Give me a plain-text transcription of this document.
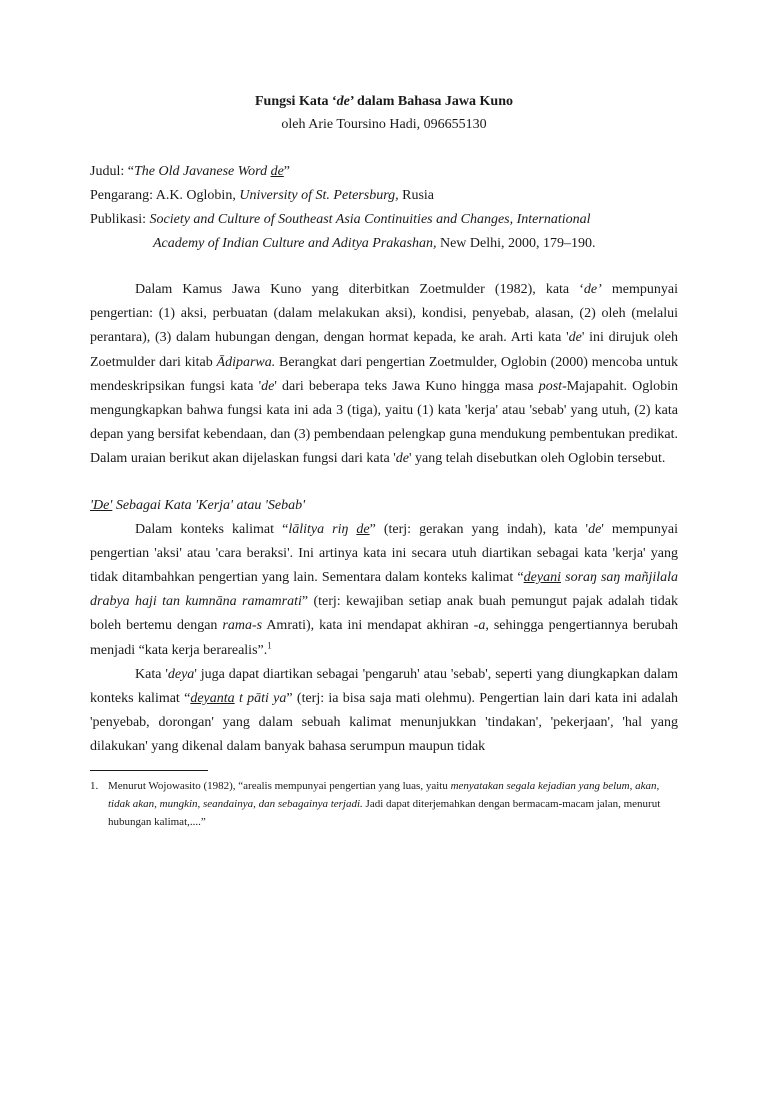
Fungsi Kata ‘de’ dalam Bahasa Jawa Kuno
oleh Arie Toursino Hadi, 096655130
Judul: “The Old Javanese Word de”
Pengarang: A.K. Oglobin, University of St. Petersburg, Rusia
Publikasi: Society and Culture of Southeast Asia Continuities and Changes, International
Academy of Indian Culture and Aditya Prakashan, New Delhi, 2000, 179–190.

Dalam Kamus Jawa Kuno yang diterbitkan Zoetmulder (1982), kata ‘de’ mempunyai pengertian: (1) aksi, perbuatan (dalam melakukan aksi), kondisi, penyebab, alasan, (2) oleh (melalui perantara), (3) dalam hubungan dengan, dengan hormat kepada, ke arah. Arti kata 'de' ini dirujuk oleh Zoetmulder dari kitab Ādiparwa. Berangkat dari pengertian Zoetmulder, Oglobin (2000) mencoba untuk mendeskripsikan fungsi kata 'de' dari beberapa teks Jawa Kuno hingga masa post-Majapahit. Oglobin mengungkapkan bahwa fungsi kata ini ada 3 (tiga), yaitu (1) kata 'kerja' atau 'sebab' yang utuh, (2) kata depan yang bersifat kebendaan, dan (3) pembendaan pelengkap guna mendukung pembentukan predikat. Dalam uraian berikut akan dijelaskan fungsi dari kata 'de' yang telah disebutkan oleh Oglobin tersebut.

'De' Sebagai Kata 'Kerja' atau 'Sebab'

Dalam konteks kalimat “lālitya riŋ de” (terj: gerakan yang indah), kata 'de' mempunyai pengertian 'aksi' atau 'cara beraksi'. Ini artinya kata ini secara utuh diartikan sebagai kata 'kerja' yang tidak ditambahkan pengertian yang lain. Sementara dalam konteks kalimat “deyani soraŋ saŋ mañjilala drabya haji tan kumnāna ramamrati” (terj: kewajiban setiap anak buah pemungut pajak adalah tidak boleh bertemu dengan rama-s Amrati), kata ini mendapat akhiran -a, sehingga pengertiannya berubah menjadi “kata kerja berarealis”.$^1$

Kata 'deya' juga dapat diartikan sebagai 'pengaruh' atau 'sebab', seperti yang diungkapkan dalam konteks kalimat “deyanta t pāti ya” (terj: ia bisa saja mati olehmu). Pengertian lain dari kata ini adalah 'penyebab, dorongan' yang dalam sebuah kalimat menunjukkan 'tindakan', 'pekerjaan', 'hal yang dilakukan' yang dikenal dalam banyak bahasa serumpun maupun tidak

1. Menurut Wojowasito (1982), “arealis mempunyai pengertian yang luas, yaitu menyatakan segala kejadian yang belum, akan, tidak akan, mungkin, seandainya, dan sebagainya terjadi. Jadi dapat diterjemahkan dengan bermacam-macam jalan, menurut hubungan kalimat,....”
